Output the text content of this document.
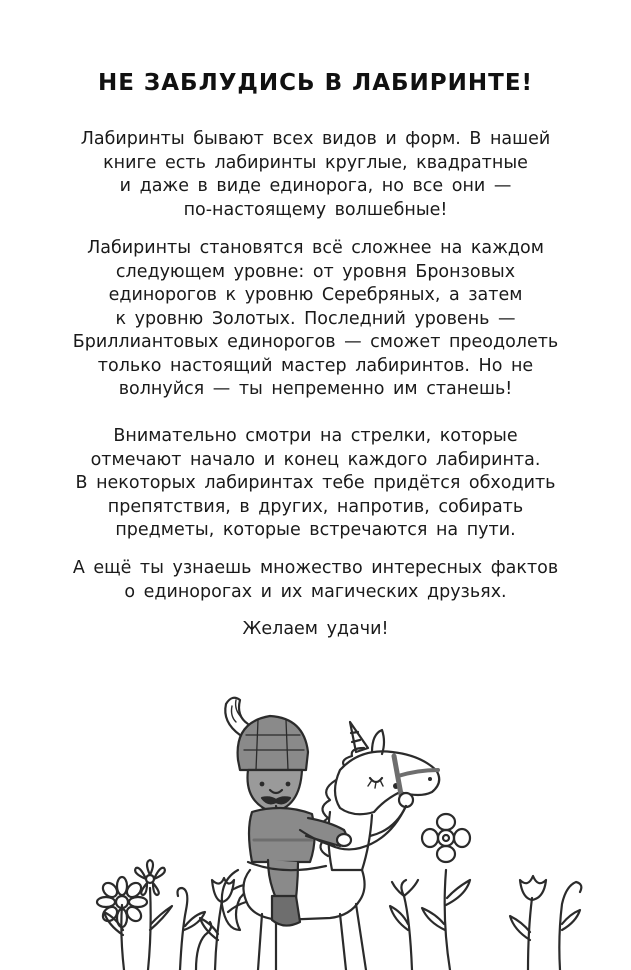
НЕ ЗАБЛУДИСЬ В ЛАБИРИНТЕ!
Лабиринты бывают всех видов и форм. В нашей
книге есть лабиринты круглые, квадратные
и даже в виде единорога, но все они —
по-настоящему волшебные!
Лабиринты становятся всё сложнее на каждом
следующем уровне: от уровня Бронзовых
единорогов к уровню Серебряных, а затем
к уровню Золотых. Последний уровень —
Бриллиантовых единорогов — сможет преодолеть
только настоящий мастер лабиринтов. Но не
волнуйся — ты непременно им станешь!
Внимательно смотри на стрелки, которые
отмечают начало и конец каждого лабиринта.
В некоторых лабиринтах тебе придётся обходить
препятствия, в других, напротив, собирать
предметы, которые встречаются на пути.
А ещё ты узнаешь множество интересных фактов
о единорогах и их магических друзьях.
Желаем удачи!
